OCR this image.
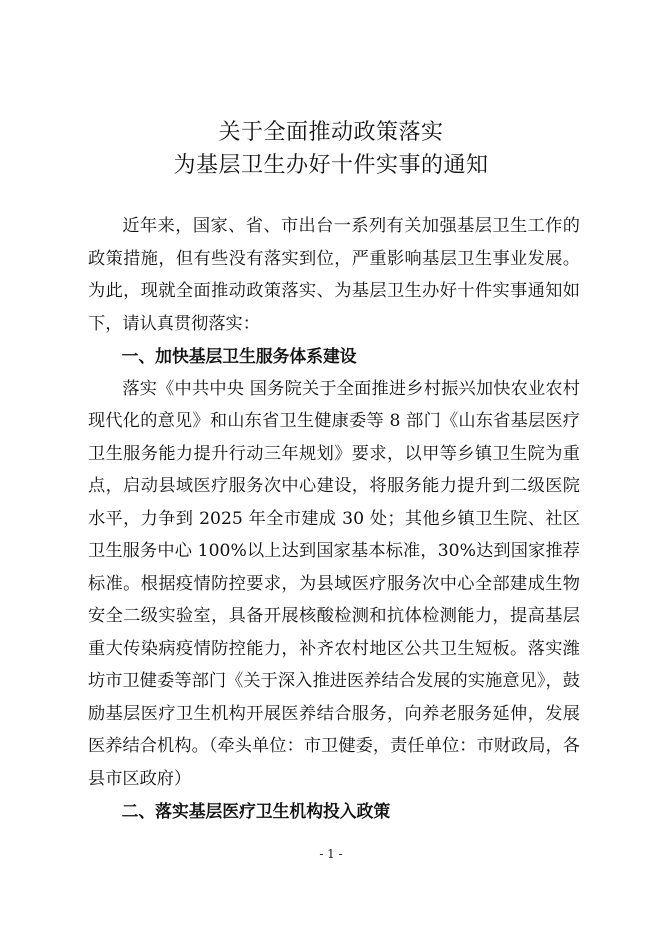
关于全面推动政策落实
为基层卫生办好十件实事的通知

近年来，国家、省、市出台一系列有关加强基层卫生工作的政策措施，但有些没有落实到位，严重影响基层卫生事业发展。为此，现就全面推动政策落实、为基层卫生办好十件实事通知如下，请认真贯彻落实：

一、加快基层卫生服务体系建设

落实《中共中央 国务院关于全面推进乡村振兴加快农业农村现代化的意见》和山东省卫生健康委等 8 部门《山东省基层医疗卫生服务能力提升行动三年规划》要求，以甲等乡镇卫生院为重点，启动县域医疗服务次中心建设，将服务能力提升到二级医院水平，力争到 2025 年全市建成 30 处；其他乡镇卫生院、社区卫生服务中心 100%以上达到国家基本标准，30%达到国家推荐标准。根据疫情防控要求，为县域医疗服务次中心全部建成生物安全二级实验室，具备开展核酸检测和抗体检测能力，提高基层重大传染病疫情防控能力，补齐农村地区公共卫生短板。落实潍坊市卫健委等部门《关于深入推进医养结合发展的实施意见》，鼓励基层医疗卫生机构开展医养结合服务，向养老服务延伸，发展医养结合机构。（牵头单位：市卫健委，责任单位：市财政局，各县市区政府）

二、落实基层医疗卫生机构投入政策

- 1 -
